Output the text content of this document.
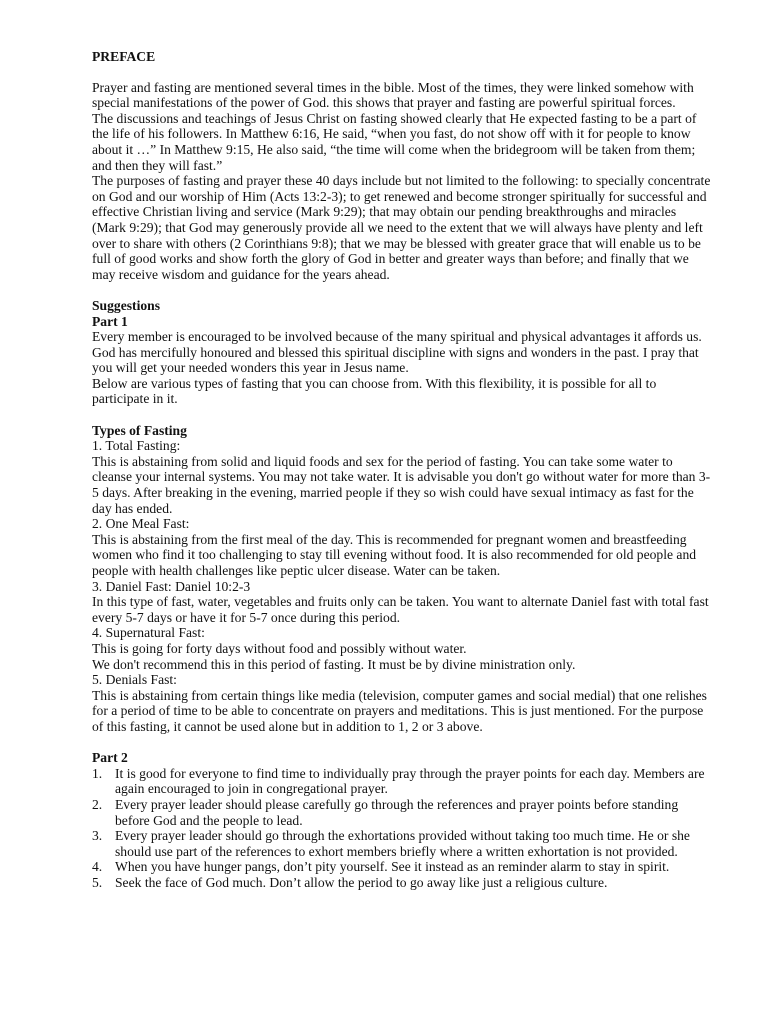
PREFACE

Prayer and fasting are mentioned several times in the bible. Most of the times, they were linked somehow with special manifestations of the power of God. this shows that prayer and fasting are powerful spiritual forces.

The discussions and teachings of Jesus Christ on fasting showed clearly that He expected fasting to be a part of the life of his followers. In Matthew 6:16, He said, “when you fast, do not show off with it for people to know about it …” In Matthew 9:15, He also said, “the time will come when the bridegroom will be taken from them; and then they will fast.”

The purposes of fasting and prayer these 40 days include but not limited to the following: to specially concentrate on God and our worship of Him (Acts 13:2-3); to get renewed and become stronger spiritually for successful and effective Christian living and service (Mark 9:29); that may obtain our pending breakthroughs and miracles (Mark 9:29); that God may generously provide all we need to the extent that we will always have plenty and left over to share with others (2 Corinthians 9:8); that we may be blessed with greater grace that will enable us to be full of good works and show forth the glory of God in better and greater ways than before; and finally that we may receive wisdom and guidance for the years ahead.

Suggestions

Part 1

Every member is encouraged to be involved because of the many spiritual and physical advantages it affords us. God has mercifully honoured and blessed this spiritual discipline with signs and wonders in the past. I pray that you will get your needed wonders this year in Jesus name.

Below are various types of fasting that you can choose from. With this flexibility, it is possible for all to participate in it.

Types of Fasting

1. Total Fasting:

This is abstaining from solid and liquid foods and sex for the period of fasting. You can take some water to cleanse your internal systems. You may not take water. It is advisable you don't go without water for more than 3-5 days. After breaking in the evening, married people if they so wish could have sexual intimacy as fast for the day has ended.

2. One Meal Fast:

This is abstaining from the first meal of the day. This is recommended for pregnant women and breastfeeding women who find it too challenging to stay till evening without food. It is also recommended for old people and people with health challenges like peptic ulcer disease. Water can be taken.

3. Daniel Fast: Daniel 10:2-3

In this type of fast, water, vegetables and fruits only can be taken. You want to alternate Daniel fast with total fast every 5-7 days or have it for 5-7 once during this period.

4. Supernatural Fast:

This is going for forty days without food and possibly without water.

We don't recommend this in this period of fasting. It must be by divine ministration only.

5. Denials Fast:

This is abstaining from certain things like media (television, computer games and social medial) that one relishes for a period of time to be able to concentrate on prayers and meditations. This is just mentioned. For the purpose of this fasting, it cannot be used alone but in addition to 1, 2 or 3 above.

Part 2

1. It is good for everyone to find time to individually pray through the prayer points for each day. Members are again encouraged to join in congregational prayer.
2. Every prayer leader should please carefully go through the references and prayer points before standing before God and the people to lead.
3. Every prayer leader should go through the exhortations provided without taking too much time. He or she should use part of the references to exhort members briefly where a written exhortation is not provided.
4. When you have hunger pangs, don’t pity yourself. See it instead as an reminder alarm to stay in spirit.
5. Seek the face of God much. Don’t allow the period to go away like just a religious culture.
